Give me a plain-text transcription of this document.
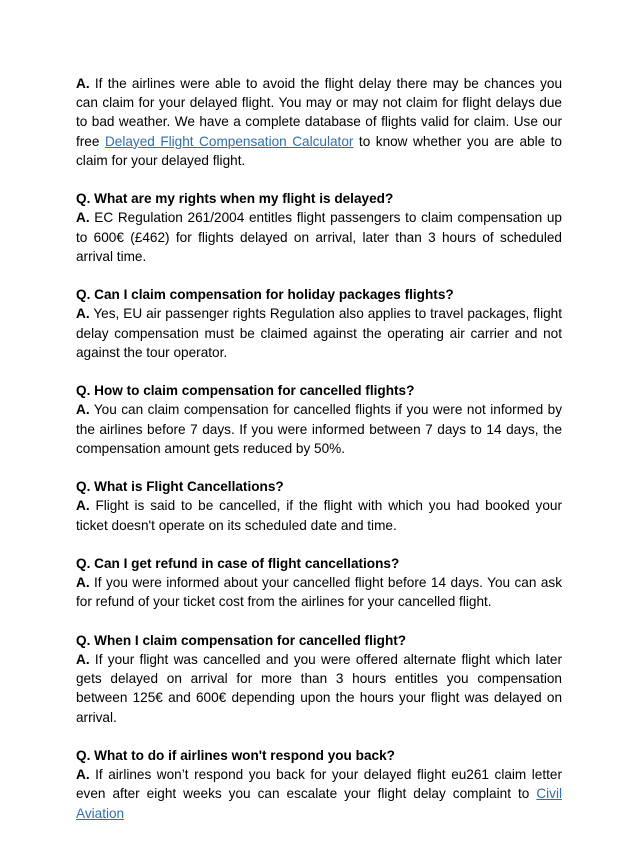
A. If the airlines were able to avoid the flight delay there may be chances you can claim for your delayed flight. You may or may not claim for flight delays due to bad weather. We have a complete database of flights valid for claim. Use our free Delayed Flight Compensation Calculator to know whether you are able to claim for your delayed flight.

Q. What are my rights when my flight is delayed?
A. EC Regulation 261/2004 entitles flight passengers to claim compensation up to 600€ (£462) for flights delayed on arrival, later than 3 hours of scheduled arrival time.
Q. Can I claim compensation for holiday packages flights?
A. Yes, EU air passenger rights Regulation also applies to travel packages, flight delay compensation must be claimed against the operating air carrier and not against the tour operator.
Q. How to claim compensation for cancelled flights?
A. You can claim compensation for cancelled flights if you were not informed by the airlines before 7 days. If you were informed between 7 days to 14 days, the compensation amount gets reduced by 50%.
Q. What is Flight Cancellations?
A. Flight is said to be cancelled, if the flight with which you had booked your ticket doesn't operate on its scheduled date and time.
Q. Can I get refund in case of flight cancellations?
A. If you were informed about your cancelled flight before 14 days. You can ask for refund of your ticket cost from the airlines for your cancelled flight.
Q. When I claim compensation for cancelled flight?
A. If your flight was cancelled and you were offered alternate flight which later gets delayed on arrival for more than 3 hours entitles you compensation between 125€ and 600€ depending upon the hours your flight was delayed on arrival.
Q. What to do if airlines won't respond you back?
A. If airlines won’t respond you back for your delayed flight eu261 claim letter even after eight weeks you can escalate your flight delay complaint to Civil Aviation
